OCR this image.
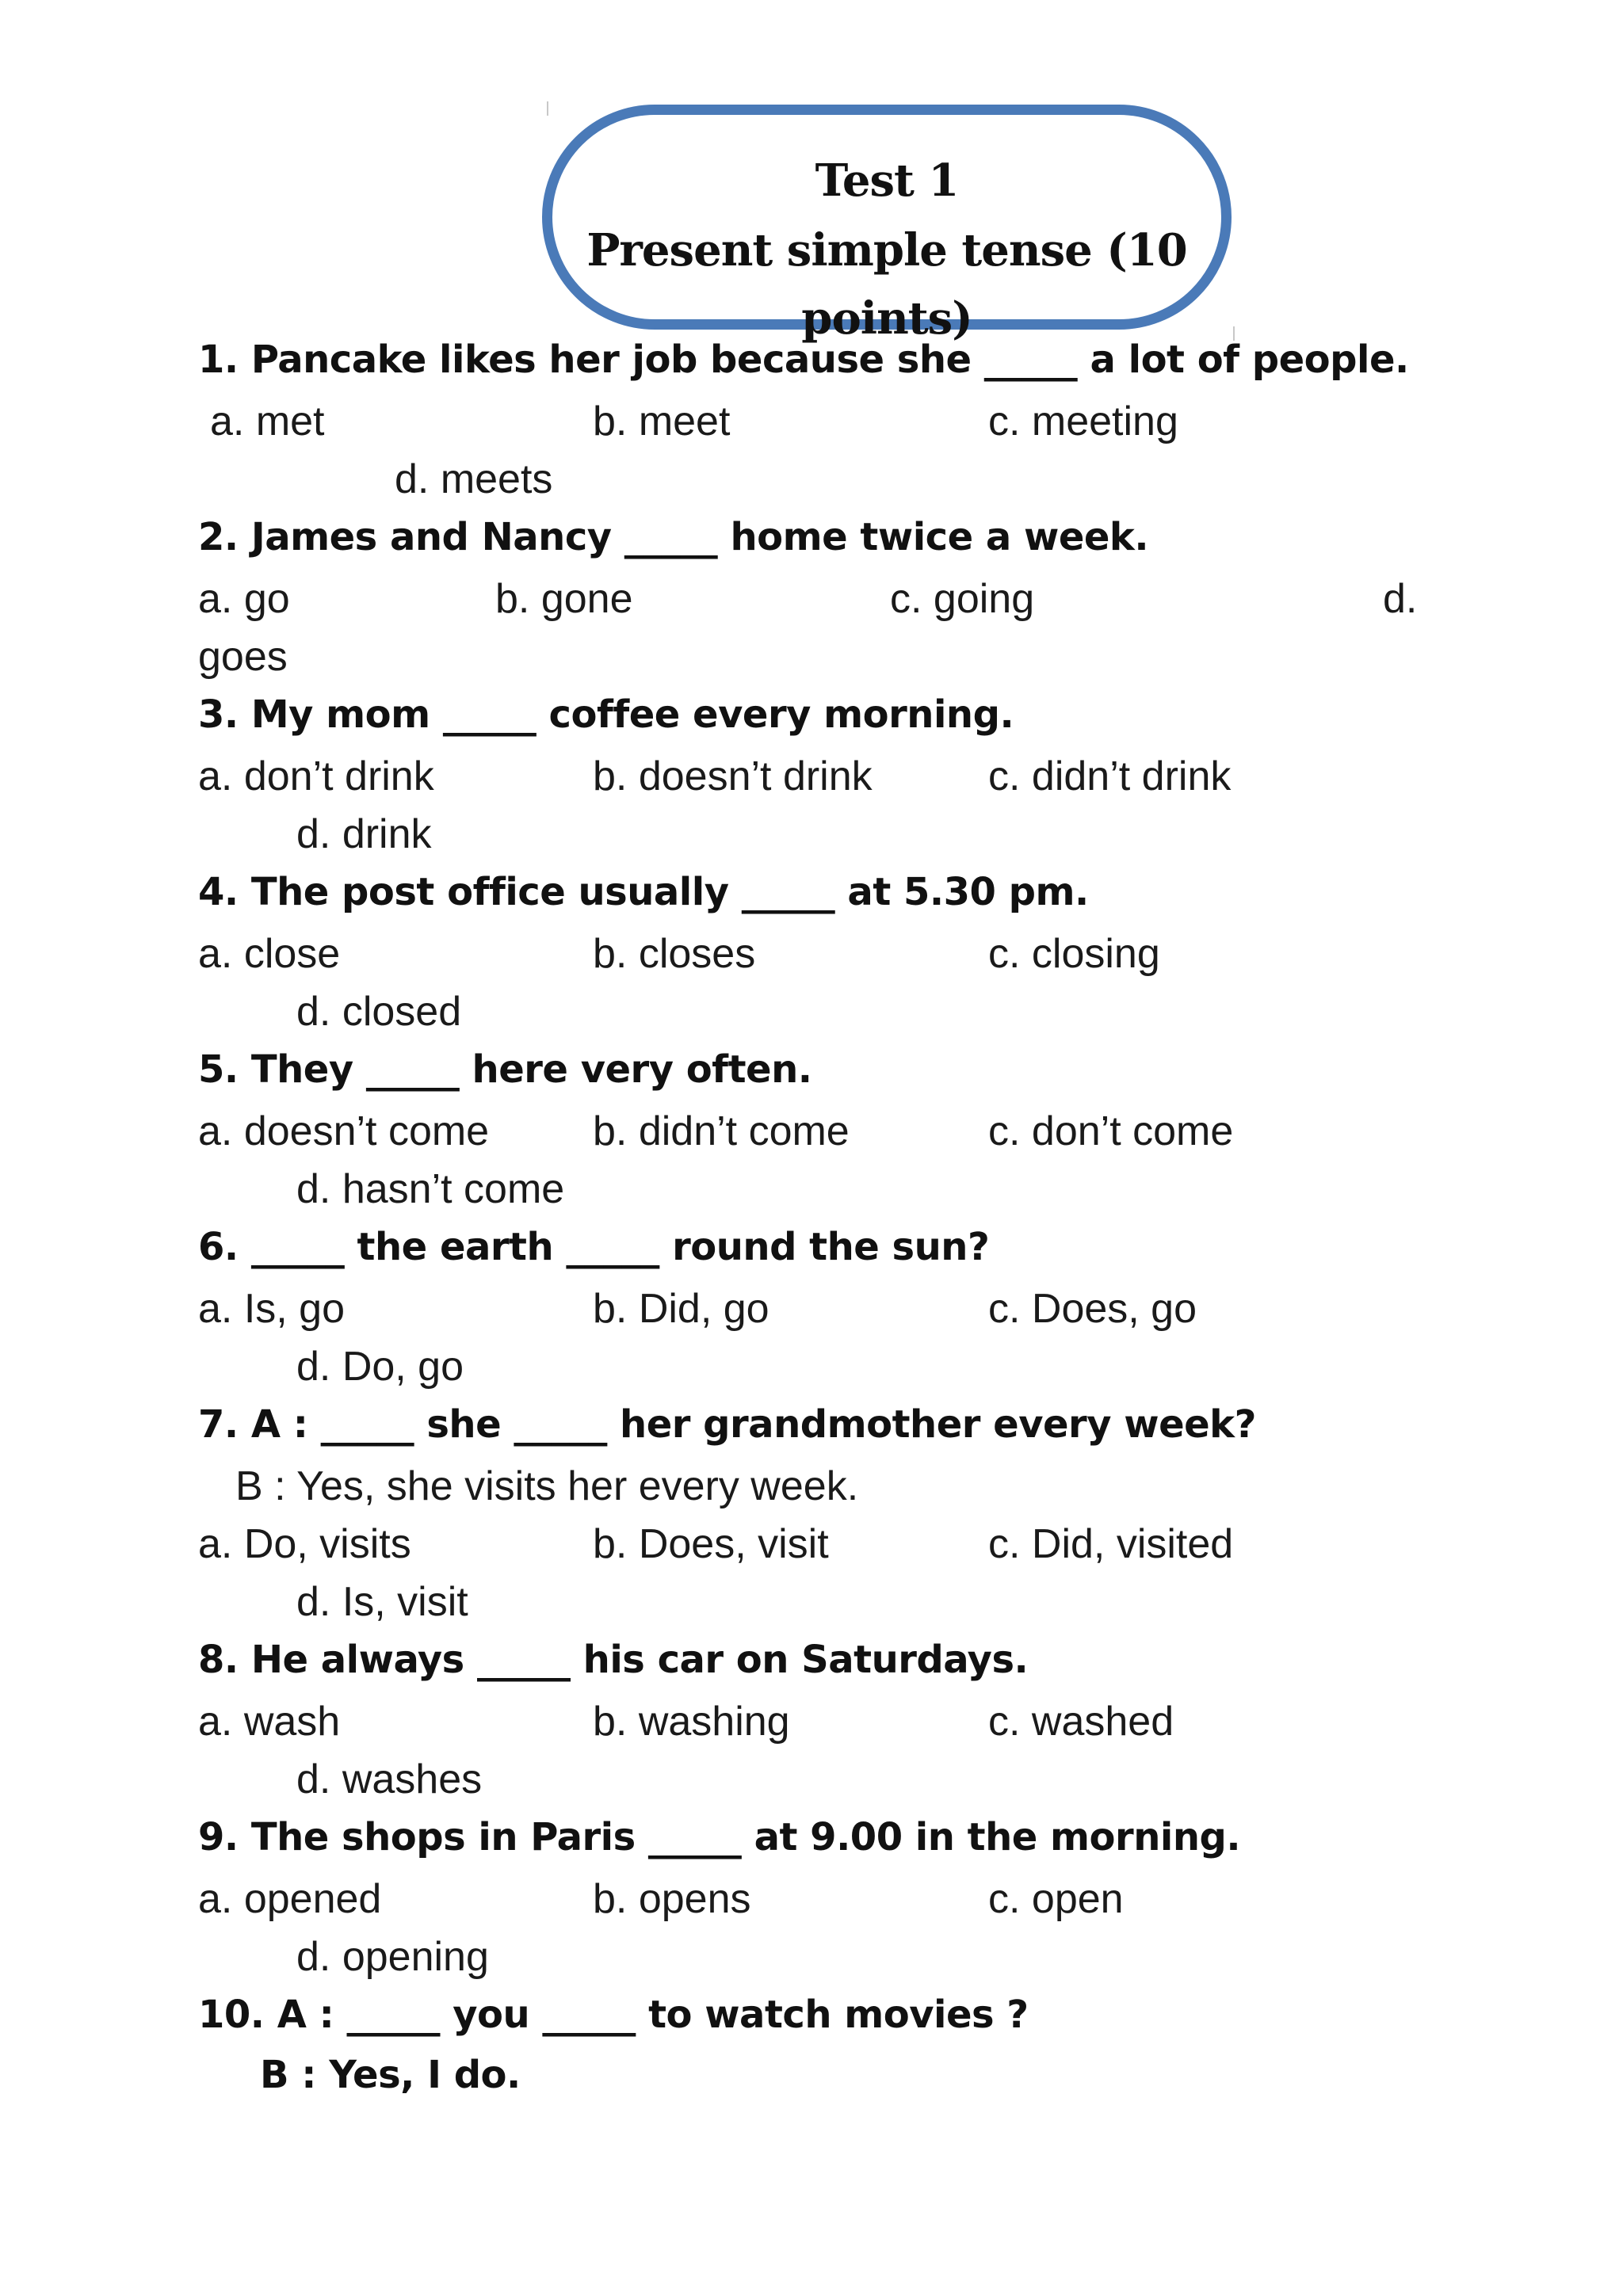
Test 1
Present simple tense (10
points)
1. Pancake likes her job because she _____ a lot of people.
a. met	b. meet	c. meeting
d. meets
2. James and Nancy _____ home twice a week.
a. go	b. gone	c. going	d.
goes
3. My mom _____ coffee every morning.
a. don’t drink	b. doesn’t drink	c. didn’t drink
d. drink
4. The post office usually _____ at 5.30 pm.
a. close	b. closes	c. closing
d. closed
5. They _____ here very often.
a. doesn’t come	b. didn’t come	c. don’t come
d. hasn’t come
6. _____ the earth _____ round the sun?
a. Is, go	b. Did, go	c. Does, go
d. Do, go
7. A : _____ she _____ her grandmother every week?
B : Yes, she visits her every week.
a. Do, visits	b. Does, visit	c. Did, visited
d. Is, visit
8. He always _____ his car on Saturdays.
a. wash	b. washing	c. washed
d. washes
9. The shops in Paris _____ at 9.00 in the morning.
a. opened	b. opens	c. open
d. opening
10. A : _____ you _____ to watch movies ?
B : Yes, I do.
